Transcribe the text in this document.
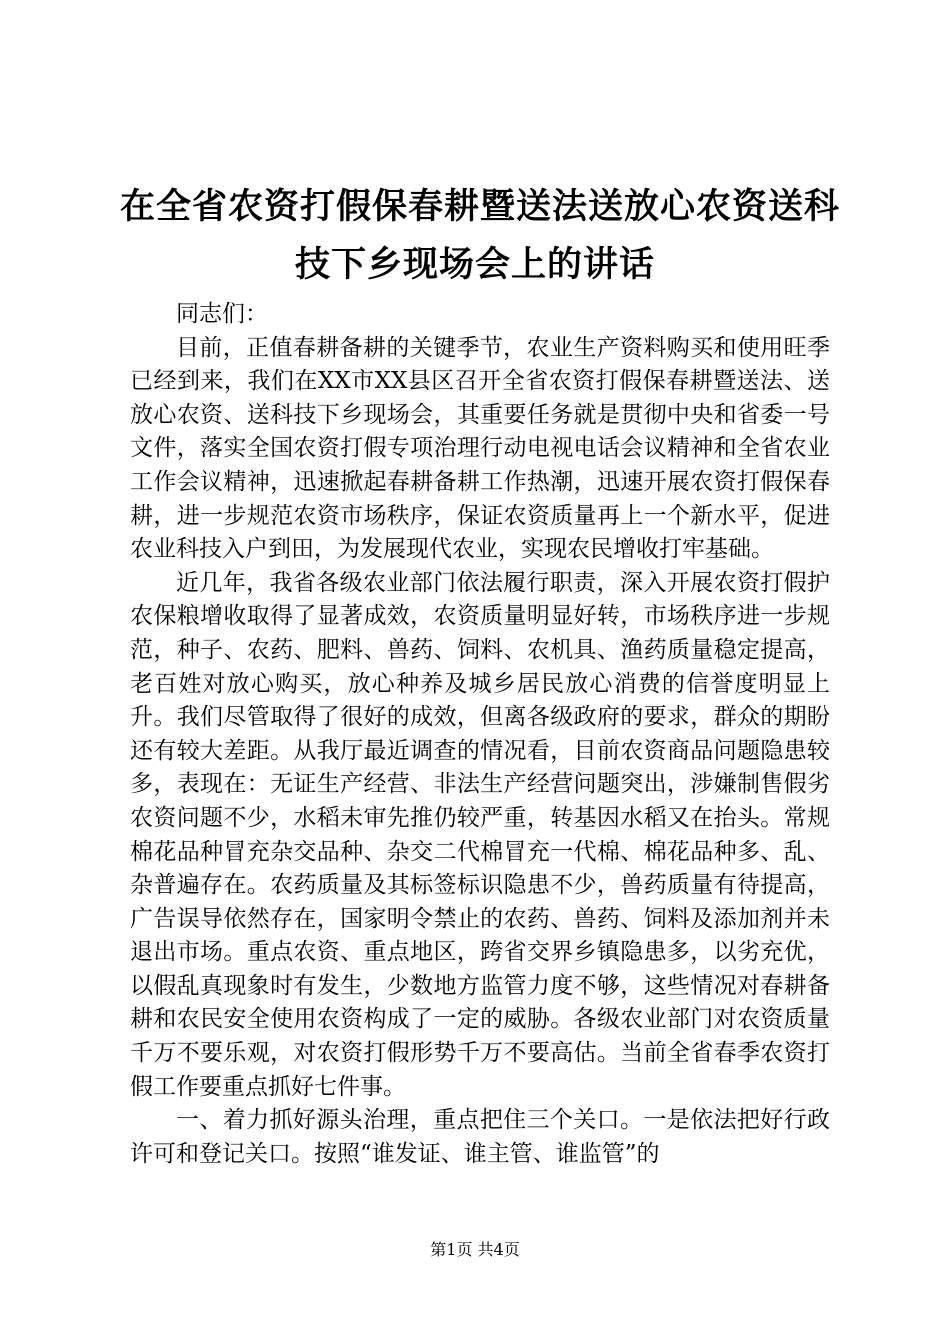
在全省农资打假保春耕暨送法送放心农资送科
技下乡现场会上的讲话

同志们：

目前，正值春耕备耕的关键季节，农业生产资料购买和使用旺季已经到来，我们在XX市XX县区召开全省农资打假保春耕暨送法、送放心农资、送科技下乡现场会，其重要任务就是贯彻中央和省委一号文件，落实全国农资打假专项治理行动电视电话会议精神和全省农业工作会议精神，迅速掀起春耕备耕工作热潮，迅速开展农资打假保春耕，进一步规范农资市场秩序，保证农资质量再上一个新水平，促进农业科技入户到田，为发展现代农业，实现农民增收打牢基础。

近几年，我省各级农业部门依法履行职责，深入开展农资打假护农保粮增收取得了显著成效，农资质量明显好转，市场秩序进一步规范，种子、农药、肥料、兽药、饲料、农机具、渔药质量稳定提高，老百姓对放心购买，放心种养及城乡居民放心消费的信誉度明显上升。我们尽管取得了很好的成效，但离各级政府的要求，群众的期盼还有较大差距。从我厅最近调查的情况看，目前农资商品问题隐患较多，表现在：无证生产经营、非法生产经营问题突出，涉嫌制售假劣农资问题不少，水稻未审先推仍较严重，转基因水稻又在抬头。常规棉花品种冒充杂交品种、杂交二代棉冒充一代棉、棉花品种多、乱、杂普遍存在。农药质量及其标签标识隐患不少，兽药质量有待提高，广告误导依然存在，国家明令禁止的农药、兽药、饲料及添加剂并未退出市场。重点农资、重点地区，跨省交界乡镇隐患多，以劣充优，以假乱真现象时有发生，少数地方监管力度不够，这些情况对春耕备耕和农民安全使用农资构成了一定的威胁。各级农业部门对农资质量千万不要乐观，对农资打假形势千万不要高估。当前全省春季农资打假工作要重点抓好七件事。

一、着力抓好源头治理，重点把住三个关口。一是依法把好行政许可和登记关口。按照“谁发证、谁主管、谁监管”的

第1页 共4页
